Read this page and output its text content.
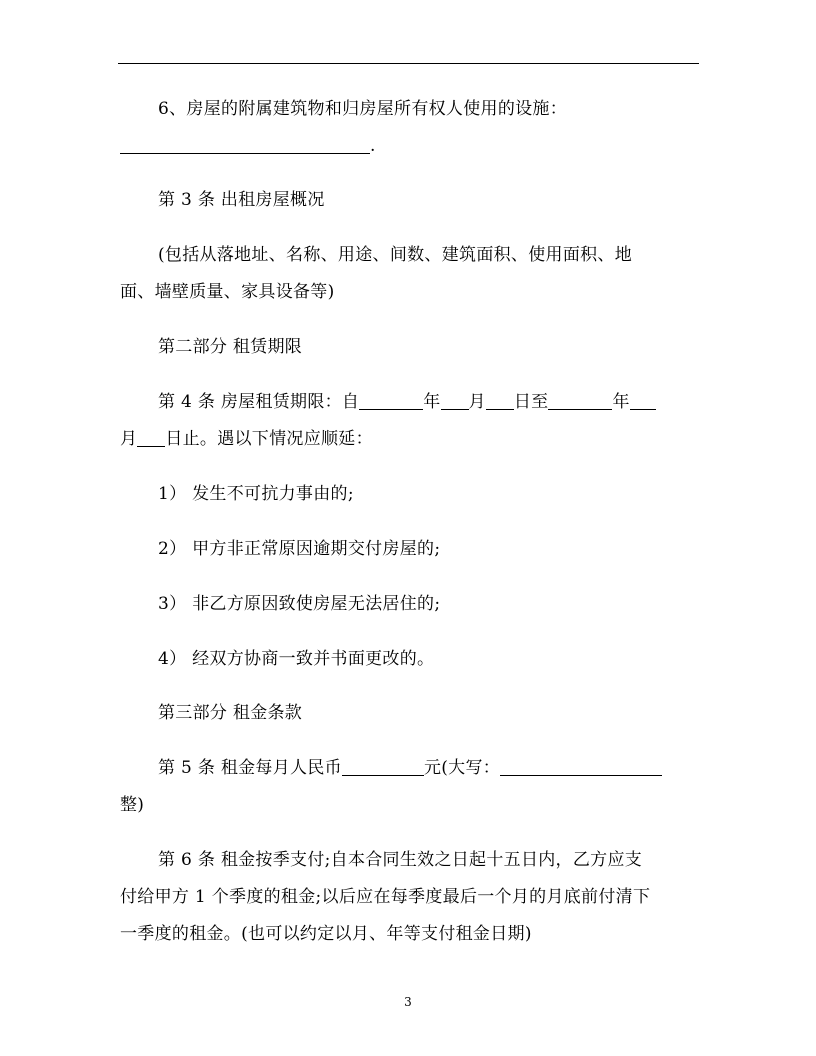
6、房屋的附属建筑物和归房屋所有权人使用的设施：
.
第 3 条 出租房屋概况
(包括从落地址、名称、用途、间数、建筑面积、使用面积、地
面、墙壁质量、家具设备等)
第二部分 租赁期限
第 4 条 房屋租赁期限：自	年 月 日至	年
月 日止。遇以下情况应顺延：
1） 发生不可抗力事由的;
2） 甲方非正常原因逾期交付房屋的;
3） 非乙方原因致使房屋无法居住的;
4） 经双方协商一致并书面更改的。
第三部分 租金条款
第 5 条 租金每月人民币	元(大写：
整)
第 6 条 租金按季支付;自本合同生效之日起十五日内，乙方应支
付给甲方 1 个季度的租金;以后应在每季度最后一个月的月底前付清下
一季度的租金。(也可以约定以月、年等支付租金日期)
3
